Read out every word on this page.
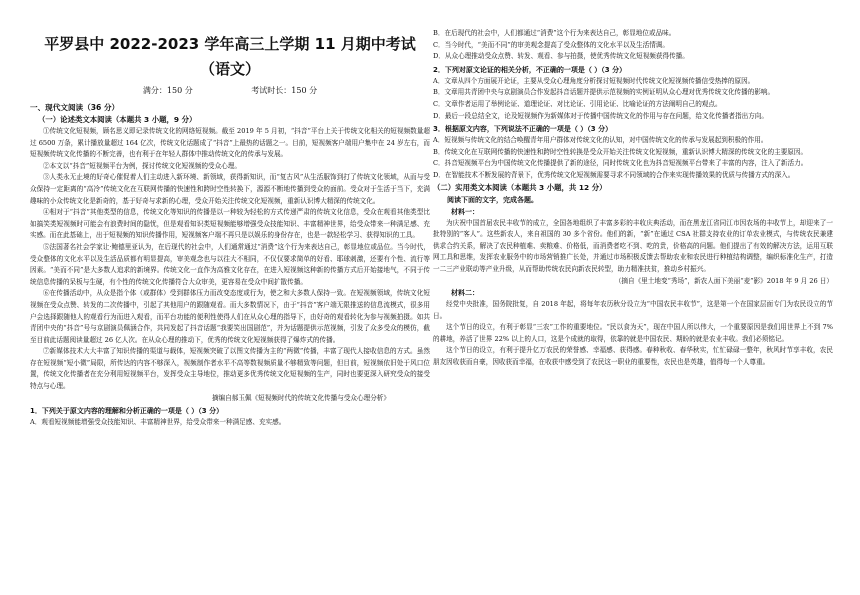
平罗县中 2022-2023 学年高三上学期 11 月期中考试
（语文）
满分：150 分	考试时长：150 分
一、现代文阅读（36 分）
（一）论述类文本阅读（本题共 3 小题，9 分）

①传统文化短视频，顾名思义即记录传统文化的网络短视频。截至 2019 年 5 月初，“抖音”平台上关于传统文化相关的短视频数量超过 6500 万条，累计播放量超过 164 亿次，传统文化话题成了“抖音”上最热的话题之一。目前，短视频客户端用户集中在 24 岁左右，而短视频传统文化传播的不断完善，也有利于在年轻人群体中推动传统文化的传承与发展。

②本文以“抖音”短视频平台为例，探讨传统文化短视频的受众心理。

③人类永无止境的好奇心催促着人们主动进入新环境、新领域，获得新知识，而“复古风”从生活服饰到打了传统文化领域，从而与受众保持一定距离的“高冷”传统文化在互联网传播的快速性和跨时空性转换下，源源不断地传播到受众的面前。受众对于生活于当下，充满趣味的小众传统文化是新奇的，基于好奇与求新的心理，受众开始关注传统文化短视频，重新认识博大精深的传统文化。

④相对于“抖音”其他类型的信息，传统文化等知识的传播是以一种较为轻松的方式传递严肃的传统文化信息，受众在观看其他类型比如搞笑类短视频时可能会有浪费时间的隐忧，但是观看知识类短视频能够增强受众技能知识、丰富精神世界，给受众带来一种满足感、充实感。而在此基础上，出于短视频的知识传播作用，短视频客户端不再只是以娱乐的身份存在，也是一款轻松学习、获得知识的工具。

⑤法国著名社会学家让·鲍德里亚认为，在后现代的社会中，人们通常通过“消费”这个行为来表达自己，彰显地位或品位。当今时代，受众整体的文化水平以及生活品质都有明显提高，审美观念也与以往大不相同，不仅仅要求简单的好看、耶球刺激，还要有个性、流行等因素。“美而不同”是大多数人追求的新境界。传统文化一直作为高雅文化存在，在进入短视频这种新的传播方式后开始接地气，不同于传统信息传播的呆板与生硬，有个性的传统文化传播符合大众审美，更容易在受众中间扩散传播。

⑥在传播活动中，从众是指个体（或群体）受到群体压力而改变态度或行为，使之和大多数人保持一致。在短视频领域，传统文化短视频在受众点赞、转发的二次传播中，引起了其他用户的跟随观看。而大多数情况下，由于“抖音”客户端无限推送的信息流模式，很多用户会选择跟随他人的观看行为而进入观看，而平台功能的便利性使得人们在从众心理的指导下，由好奇的观看转化为参与视频拍摄。如共青团中央的“抖音”号与京剧演员佩涵合作，共同发起了抖音话题“我要笑出国剧范”，并为话题提供示范视频，引发了众多受众的模仿，截至目前此话题阅读量超过 26 亿人次。在从众心理的推动下，优秀的传统文化短视频获得了爆炸式的传播。

⑦新媒体技术大大丰富了知识传播的渠道与载体，短视频突破了以图文传播为主的“两微”传播，丰富了现代人接收信息的方式。虽然存在短视频“短小微”局限，所传达的内容不够深入，视频制作者水平不高等数视频质量不够精致等问题，但目前，短视频依旧处于风口位置，传统文化传播者在充分利用短视频平台，发挥受众主导地位，推动更多优秀传统文化短视频的生产，同时也要更深入研究受众的接受特点与心理。

摘编自郝玉佩《短视频时代的传统文化传播与受众心理分析》

1．下列关于原文内容的理解和分析正确的一项是（ ）（3 分）

A．观看短视频能增强受众技能知识、丰富精神世界，给受众带来一种满足感、充实感。

B．在后现代的社会中，人们都通过“消费”这个行为来表达自己，彰显地位或品味。

C．当今时代，“美而不同”的审美观念提高了受众整体的文化水平以及生活情调。

D．从众心理推动受众点赞、转发、观看、参与拍摄，使优秀传统文化短视频获得传播。

2．下列对原文论证的相关分析，不正确的一项是（ ）（3 分）

A．文章从四个方面展开论证，主要从受众心理角度分析探讨短视频时代传统文化短视频传播信受热捧的原因。

B．文章用共青团中央与京剧演员合作发起抖音话题并提供示范视频的实例证明从众心理对优秀传统文化传播的影响。

C．文章作者运用了举例论证、道理论证、对比论证、引用论证、比喻论证的方法阐明自己的观点。

D．最后一段总结全文，论及短视频作为新媒体对于传播中国传统文化的作用与存在问题，给文化传播者指出方向。

3．根据原文内容，下列说法不正确的一项是（ ）（3 分）

A．短视频与传统文化的结合唤醒青年用户群体对传统文化的认知，对中国传统文化的传承与发展起到积极的作用。

B．传统文化在互联网传播的快速性和跨时空性转换是受众开始关注传统文化短视频，重新认识博大精深的传统文化的主要原因。

C．抖音短视频平台为中国传统文化传播提供了新的途径，同时传统文化也为抖音短视频平台带来了丰富的内容，注入了新活力。

D．在智能技术不断发展的背景下，优秀传统文化短视频需要寻求不同领域的合作来实现传播效果的优质与传播方式的深入。

（二）实用类文本阅读（本题共 3 小题，共 12 分）
阅读下面的文字，完成各题。
材料一：

为庆祝中国首届农民丰收节的成立，全国各地组织了丰富多彩的丰收庆典活动，而在黑龙江省同江市因农场的丰收节上，却迎来了一批特别的“客人”。这些新农人，来自祖国的 30 多个省份。他们的新，“新”在通过 CSA 社群支持农业的订单农业模式，与传统农民兼建供求合约关系，解决了农民种植难、卖粮难、价格低，而消费者吃不到、吃的贵，价格高的问题。他们提出了有效的解决方法，运用互联网工具和思维，发挥农业服务中的市场营销推广长处，并通过市场积极反馈去帮助农业和农民进行种植结构调整，编织标准化生产，打造一二三产业联动等产业升级，从而帮助传统农民向新农民转型，助力精准扶贫，推动乡村振兴。

（摘自《里土地变“秀场”，新农人面下美丽“麦”影》2018 年 9 月 26 日）

材料二：

经党中央批准，国务院批复，自 2018 年起，将每年农历秋分设立为“中国农民丰收节”，这是第一个在国家层面专门为农民设立的节日。

这个节日的设立，有利于彰显“三农”工作的重要地位。“民以食为天”，现在中国人所以伟大，一个重要原因是我们用世界上不到 7% 的耕地，养活了世界 22% 以上的人口，这是个成就的取得，依靠的就是中国农民、期盼的就是农业丰收。我们必须铭记。

这个节日的设立，有利于提升亿万农民的荣誉感、幸福感、获得感。春种秋收、春华秋实，忙忙碌碌一整年，秋风时节享丰收，农民朋友因收获而自豪，因收获而幸福，在收获中感受到了农民这一职业的重要性，农民也是英雄，值得每一个人尊重。
